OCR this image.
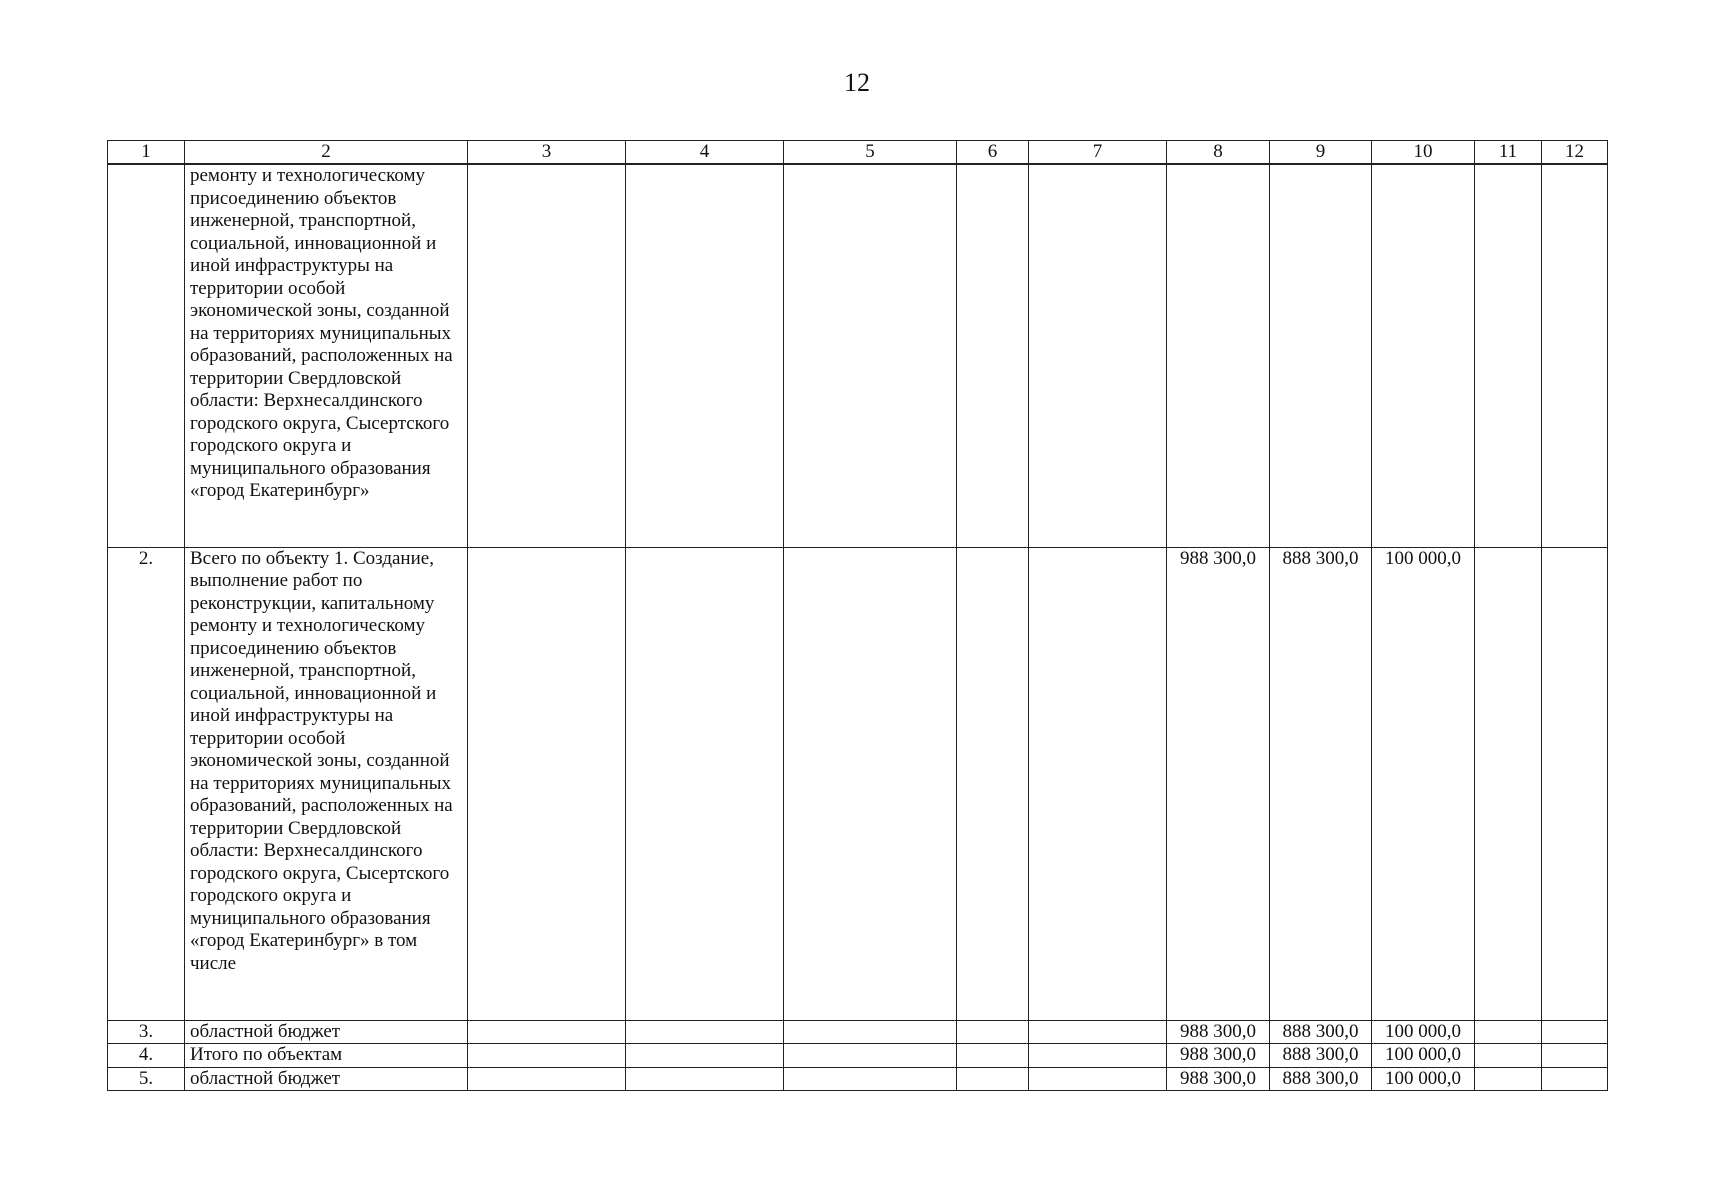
12
1	2	3	4	5	6	7	8	9	10	11	12
	ремонту и технологическому присоединению объектов инженерной, транспортной, социальной, инновационной и иной инфраструктуры на территории особой экономической зоны, созданной на территориях муниципальных образований, расположенных на территории Свердловской области: Верхнесалдинского городского округа, Сысертского городского округа и муниципального образования «город Екатеринбург»										
2.	Всего по объекту 1. Создание, выполнение работ по реконструкции, капитальному ремонту и технологическому присоединению объектов инженерной, транспортной, социальной, инновационной и иной инфраструктуры на территории особой экономической зоны, созданной на территориях муниципальных образований, расположенных на территории Свердловской области: Верхнесалдинского городского округа, Сысертского городского округа и муниципального образования «город Екатеринбург» в том числе						988 300,0	888 300,0	100 000,0		
3.	областной бюджет						988 300,0	888 300,0	100 000,0		
4.	Итого по объектам						988 300,0	888 300,0	100 000,0		
5.	областной бюджет						988 300,0	888 300,0	100 000,0		
